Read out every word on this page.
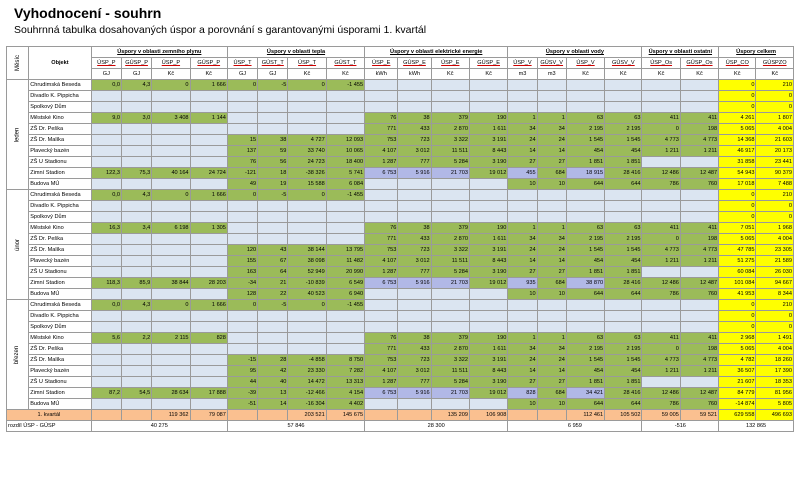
Vyhodnocení - souhrn
Souhrnná tabulka dosahovaných úspor a porovnání s garantovanými úsporami 1. kvartál
Měsíc	Objekt	Úspory v oblasti zemního plynu				Úspory v oblasti tepla				Úspory v oblasti elektrické energie				Úspory v oblasti vody				Úspory v oblasti ostatní		Úspory celkem	
		ÚSP_P	GÚSP_P	ÚSP_P	GÚSP_P	ÚSP_T	GÚST_T	ÚSP_T	GÚST_T	ÚSP_E	GÚSP_E	ÚSP_E	GÚSP_E	ÚSP_V	GÚSV_V	ÚSP_V	GÚSV_V	ÚSP_Os	GÚSP_Os	ÚSP_CO	GÚSPZO
		GJ	GJ	Kč	Kč	GJ	GJ	Kč	Kč	kWh	kWh	Kč	Kč	m3	m3	Kč	Kč	Kč	Kč	Kč	Kč
leden	Chrudimská Beseda	0,0	4,3	0	1 666	0	-5	0	-1 455											0	210
	Divadlo K. Pippicha																			0	0
	Spolkový Dům																			0	0
	Městské Kino	9,0	3,0	3 408	1 144					76	38	379	190	1	1	63	63	411	411	4 261	1 807
	ZŠ Dr. Peška									771	433	2 870	1 611	34	34	2 195	2 195	0	198	5 065	4 004
	ZŠ Dr. Malíka					15	38	4 727	12 093	753	723	3 322	3 191	24	24	1 545	1 545	4 773	4 773	14 368	21 603
	Plavecký bazén					137	59	33 740	10 065	4 107	3 012	11 511	8 443	14	14	454	454	1 211	1 211	46 917	20 173
	ZŠ U Stadionu					76	56	24 723	18 400	1 287	777	5 284	3 190	27	27	1 851	1 851			31 858	23 441
	Zimní Stadion	122,3	75,3	40 164	24 724	-121	18	-38 326	5 741	6 753	5 916	21 703	19 012	455	684	18 915	28 416	12 486	12 487	54 943	90 379
	Budova MÚ					49	19	15 588	6 084					10	10	644	644	786	760	17 018	7 488
únor	Chrudimská Beseda	0,0	4,3	0	1 666	0	-5	0	-1 455											0	210
	Divadlo K. Pippicha																			0	0
	Spolkový Dům																			0	0
	Městské Kino	16,3	3,4	6 198	1 305					76	38	379	190	1	1	63	63	411	411	7 051	1 968
	ZŠ Dr. Peška									771	433	2 870	1 611	34	34	2 195	2 195	0	198	5 065	4 004
	ZŠ Dr. Malíka					120	43	38 144	13 795	753	723	3 322	3 191	24	24	1 545	1 545	4 773	4 773	47 785	23 305
	Plavecký bazén					155	67	38 098	11 482	4 107	3 012	11 511	8 443	14	14	454	454	1 211	1 211	51 275	21 589
	ZŠ U Stadionu					163	64	52 949	20 990	1 287	777	5 284	3 190	27	27	1 851	1 851			60 084	26 030
	Zimní Stadion	118,3	85,9	38 844	28 203	-34	21	-10 839	6 549	6 753	5 916	21 703	19 012	935	684	38 870	28 416	12 486	12 487	101 084	94 667
	Budova MÚ					128	22	40 523	6 940					10	10	644	644	786	760	41 953	8 344
březen	Chrudimská Beseda	0,0	4,3	0	1 666	0	-5	0	-1 455											0	210
	Divadlo K. Pippicha																			0	0
	Spolkový Dům																			0	0
	Městské Kino	5,6	2,2	2 115	828					76	38	379	190	1	1	63	63	411	411	2 968	1 491
	ZŠ Dr. Peška									771	433	2 870	1 611	34	34	2 195	2 195	0	198	5 065	4 004
	ZŠ Dr. Malíka					-15	28	-4 858	8 750	753	723	3 322	3 191	24	24	1 545	1 545	4 773	4 773	4 782	18 260
	Plavecký bazén					95	42	23 330	7 282	4 107	3 012	11 511	8 443	14	14	454	454	1 211	1 211	36 507	17 390
	ZŠ U Stadionu					44	40	14 472	13 313	1 287	777	5 284	3 190	27	27	1 851	1 851			21 607	18 353
	Zimní Stadion	87,2	54,5	28 634	17 888	-39	13	-12 466	4 154	6 753	5 916	21 703	19 012	828	684	34 421	28 416	12 486	12 487	84 779	81 956
	Budova MÚ					-51	14	-16 304	4 402					10	10	644	644	786	760	-14 874	5 805
1. kvartál				119 362	79 087			203 521	145 675			135 209	106 908			112 461	105 502	59 005	59 521	629 558	496 693
rozdíl ÚSP - GÚSP		40 275				57 846				28 300				6 959				-516		132 865	
